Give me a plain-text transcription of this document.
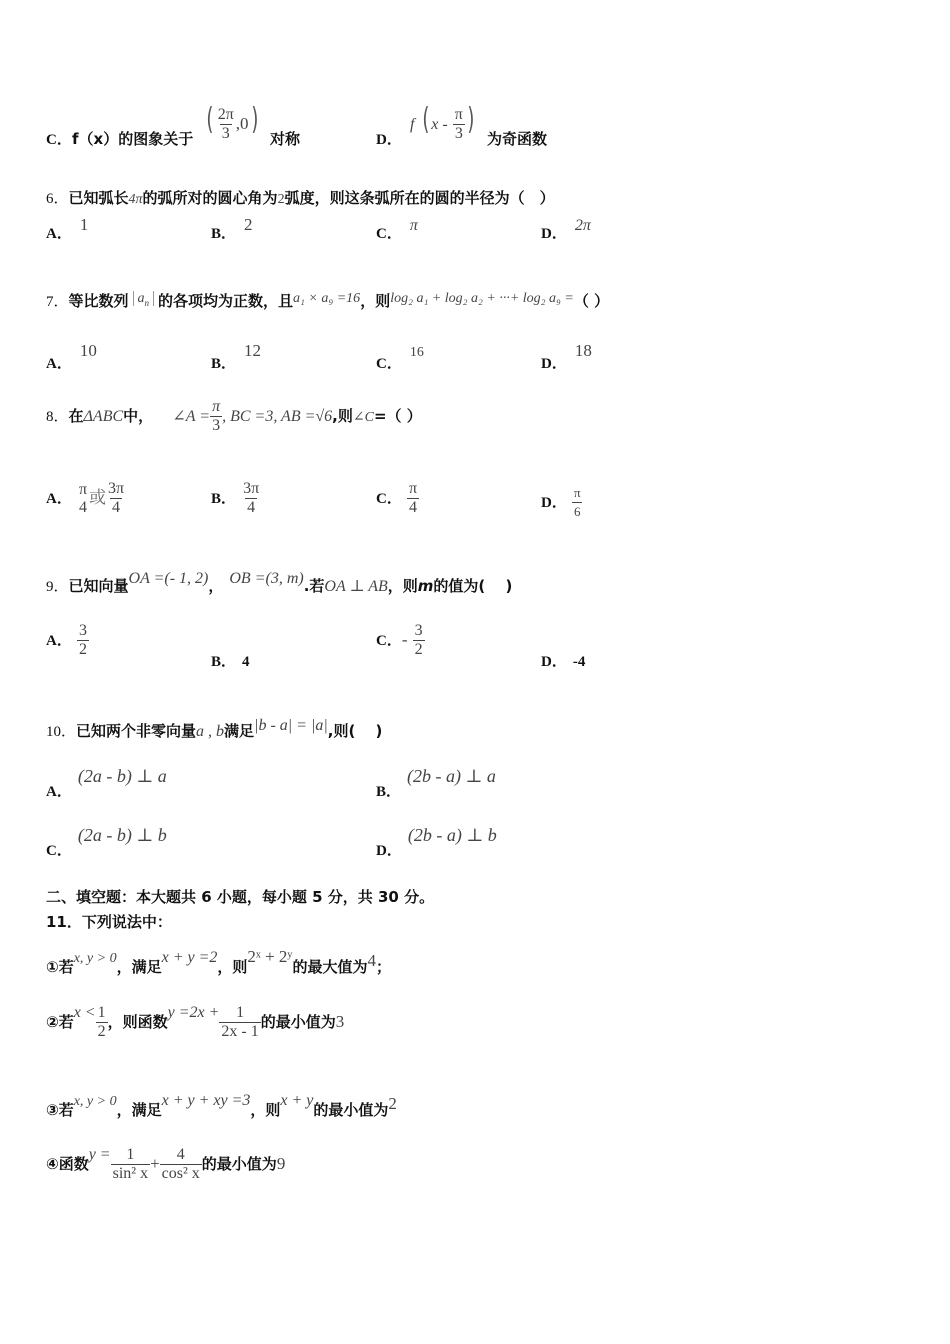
C． f（x）的图象关于
( $\frac{2\pi}{3} ,0$)
对称	D．
f ( x - $\frac{\pi}{3}$ )
为奇函数
6．已知弧长4π的弧所对的圆心角为2弧度，则这条弧所在的圆的半径为（　）
A． 1	B． 2	C． π	D． 2π
7．等比数列 $a_n$ 的各项均为正数，且a₁ × a₉ =16，则log₂ a₁ + log₂ a₂ + ···+ log₂ a₉ =（ ）
A．10
B．12
C．16
D．18
8．在ΔABC中， ∠A = $\frac{\pi}{3}$ , BC =3, AB =√6,则∠C=（ ）
A．
π
4 或 $\frac{3\pi}{4}$	B． $\frac{3\pi}{4}$	C． $\frac{\pi}{4}$	D． $\frac{\pi}{6}$
9．已知向量OA =(- 1, 2)， OB =(3, m).若OA ⊥ AB，则m的值为(　 )
A． $\frac{3}{2}$
B． 4
C．- $\frac{3}{2}$
D． -4
10．已知两个非零向量a , b满足|b - a| = |a|,则(　 )
A．(2a - b) ⊥ a
B．(2b - a) ⊥ a
C．(2a - b) ⊥ b
D．(2b - a) ⊥ b
二、填空题：本大题共 6 小题，每小题 5 分，共 30 分。
11．下列说法中：
①若x, y > 0，满足x + y =2，则2ˣ + 2ʸ的最大值为4；
②若$x < \frac{1}{2}$ ，则函数$y =2x + \frac{1}{2x - 1}$ 的最小值为3
③若x, y > 0，满足x + y + xy =3，则x + y的最小值为2
④函数$y = \frac{1}{\text{sin² x}} + \frac{4}{\text{cos² x}}$ 的最小值为9
